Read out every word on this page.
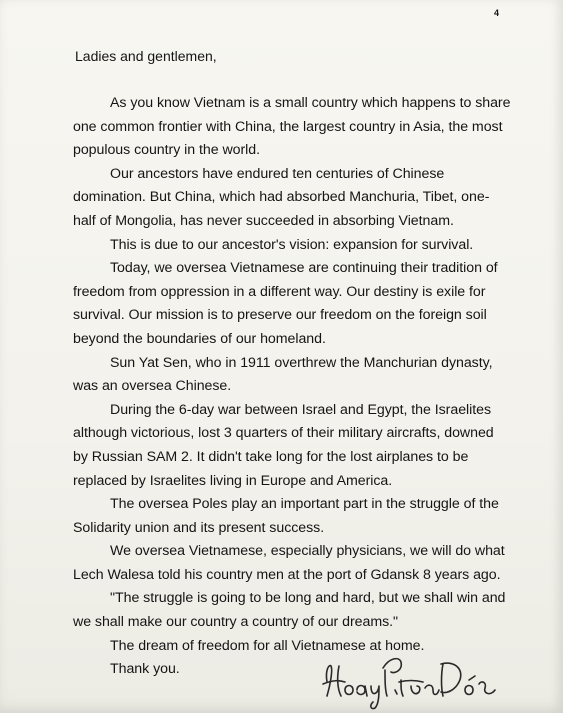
4
Ladies and gentlemen,
As you know Vietnam is a small country which happens to share
one common frontier with China, the largest country in Asia, the most
populous country in the world.
Our ancestors have endured ten centuries of Chinese
domination. But China, which had absorbed Manchuria, Tibet, one-
half of Mongolia, has never succeeded in absorbing Vietnam.
This is due to our ancestor's vision: expansion for survival.
Today, we oversea Vietnamese are continuing their tradition of
freedom from oppression in a different way. Our destiny is exile for
survival. Our mission is to preserve our freedom on the foreign soil
beyond the boundaries of our homeland.
Sun Yat Sen, who in 1911 overthrew the Manchurian dynasty,
was an oversea Chinese.
During the 6-day war between Israel and Egypt, the Israelites
although victorious, lost 3 quarters of their military aircrafts, downed
by Russian SAM 2. It didn't take long for the lost airplanes to be
replaced by Israelites living in Europe and America.
The oversea Poles play an important part in the struggle of the
Solidarity union and its present success.
We oversea Vietnamese, especially physicians, we will do what
Lech Walesa told his country men at the port of Gdansk 8 years ago.
"The struggle is going to be long and hard, but we shall win and
we shall make our country a country of our dreams."
The dream of freedom for all Vietnamese at home.
Thank you.
